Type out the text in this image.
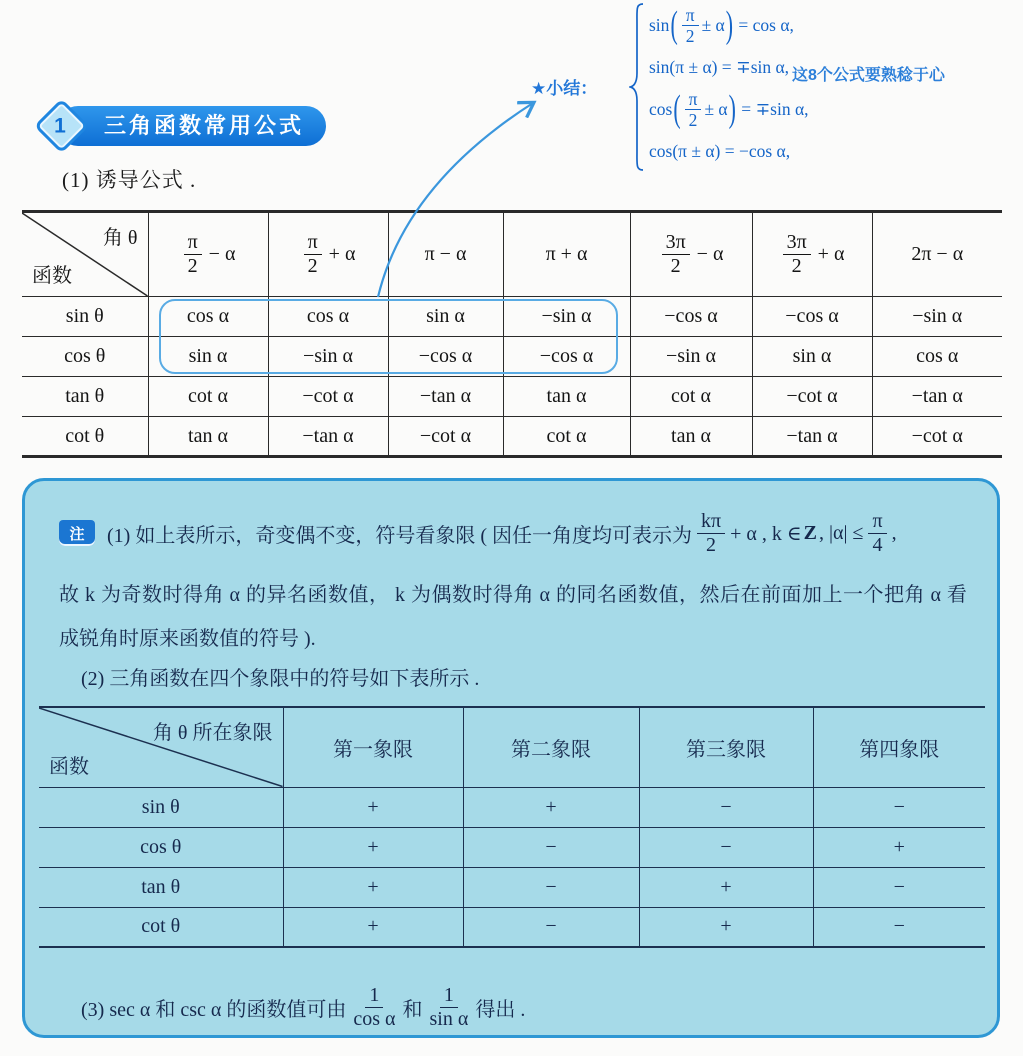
1	三角函数常用公式
(1) 诱导公式 .
★小结：
这8个公式要熟稔于心
sin ( $\frac{\pi}{2} \pm \alpha$ )
= cos α,
sin(π ± α) = ∓sin α,
cos ( $\frac{\pi}{2} \pm \alpha$ )
= ∓sin α,
cos(π ± α) = −cos α,
角 θ
函数	$\frac{\pi}{2} - \alpha$	$\frac{\pi}{2} + \alpha$	π − α	π + α	$\frac{3\pi}{2} - \alpha$	$\frac{3\pi}{2} + \alpha$	2π − α
sin θ	cos α	cos α	sin α	−sin α	−cos α	−cos α	−sin α
cos θ	sin α	−sin α	−cos α	−cos α	−sin α	sin α	cos α
tan θ	cot α	−cot α	−tan α	tan α	cot α	−cot α	−tan α
cot θ	tan α	−tan α	−cot α	cot α	tan α	−tan α	−cot α
注	(1) 如上表所示，奇变偶不变，符号看象限 ( 因任一角度均可表示为 $\frac{k\pi}{2} + \alpha$ , k ∈ Z , $|\alpha| \le \frac{\pi}{4}$ ,
故 k 为奇数时得角 α 的异名函数值， k 为偶数时得角 α 的同名函数值，然后在前面加上一个把角 α 看
成锐角时原来函数值的符号 ).
(2) 三角函数在四个象限中的符号如下表所示 .
角 θ 所在象限
函数	第一象限	第二象限	第三象限	第四象限
sin θ	+	+	−	−
cos θ	+	−	−	+
tan θ	+	−	+	−
cot θ	+	−	+	−
(3) sec α 和 csc α 的函数值可由 $\frac{1}{\text{cos α}}$ 和 $\frac{1}{\text{sin α}}$ 得出 .
